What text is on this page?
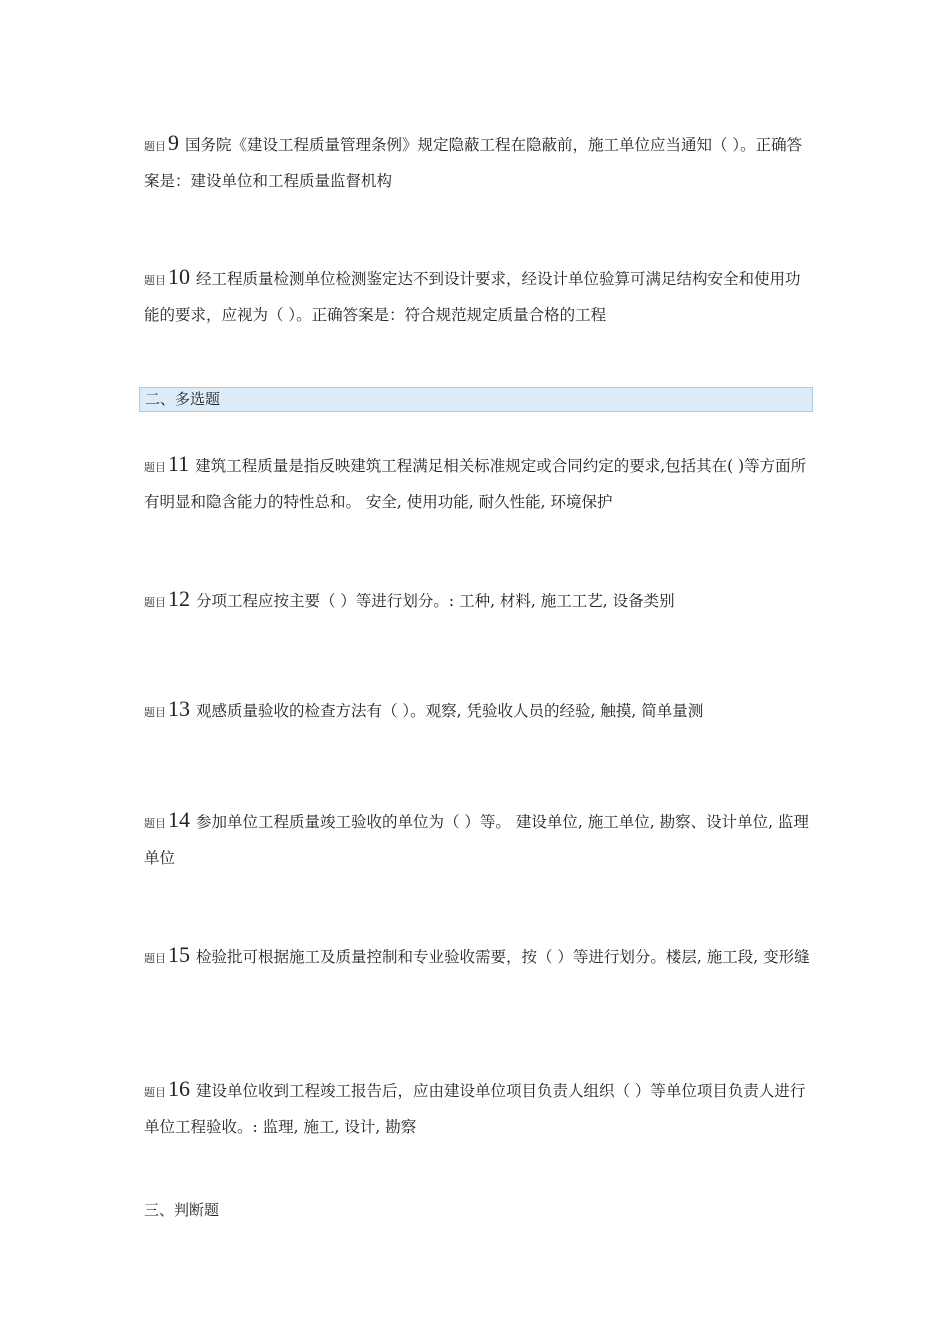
题目9 国务院《建设工程质量管理条例》规定隐蔽工程在隐蔽前，施工单位应当通知（ ）。正确答案是：建设单位和工程质量监督机构
题目10 经工程质量检测单位检测鉴定达不到设计要求，经设计单位验算可满足结构安全和使用功能的要求，应视为（ ）。正确答案是：符合规范规定质量合格的工程
二、多选题
题目11 建筑工程质量是指反映建筑工程满足相关标准规定或合同约定的要求,包括其在( )等方面所有明显和隐含能力的特性总和。 安全, 使用功能, 耐久性能, 环境保护
题目12 分项工程应按主要（ ）等进行划分。: 工种, 材料, 施工工艺, 设备类别
题目13 观感质量验收的检查方法有（ ）。观察, 凭验收人员的经验, 触摸, 简单量测
题目14 参加单位工程质量竣工验收的单位为（ ）等。 建设单位, 施工单位, 勘察、设计单位, 监理单位
题目15 检验批可根据施工及质量控制和专业验收需要，按（ ）等进行划分。楼层, 施工段, 变形缝
题目16 建设单位收到工程竣工报告后，应由建设单位项目负责人组织（ ）等单位项目负责人进行单位工程验收。: 监理, 施工, 设计, 勘察
三、判断题
